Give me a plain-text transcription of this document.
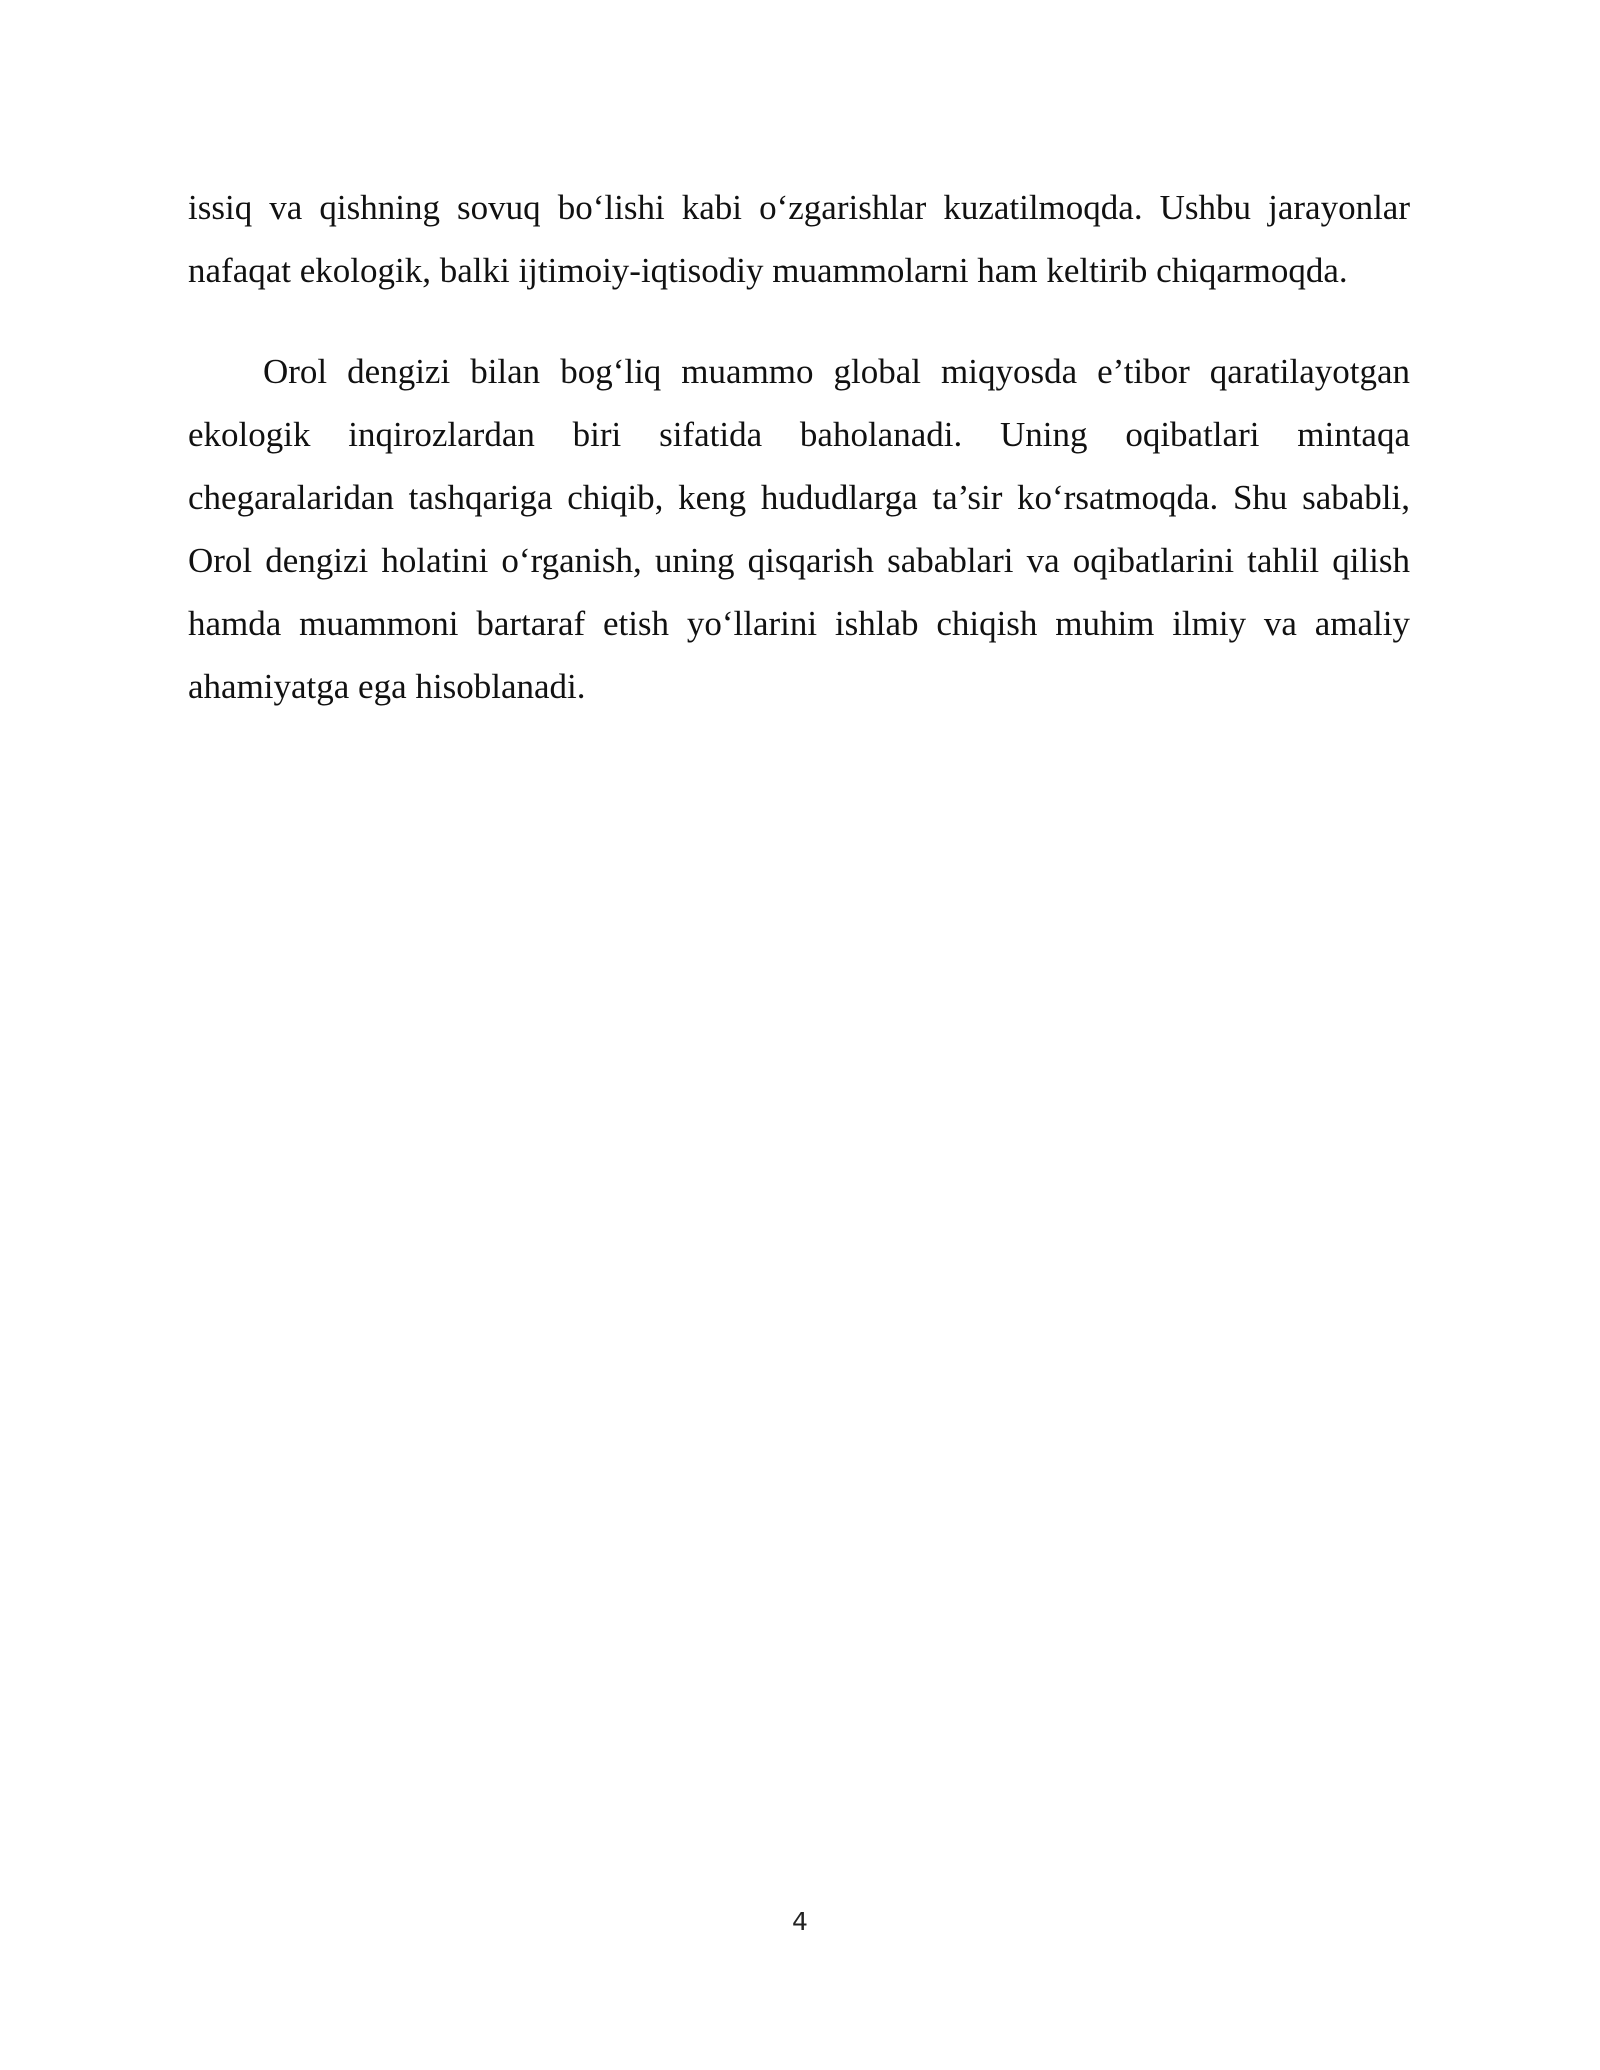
issiq va qishning sovuq bo‘lishi kabi o‘zgarishlar kuzatilmoqda. Ushbu jarayonlar nafaqat ekologik, balki ijtimoiy-iqtisodiy muammolarni ham keltirib chiqarmoqda.

Orol dengizi bilan bog‘liq muammo global miqyosda e’tibor qaratilayotgan ekologik inqirozlardan biri sifatida baholanadi. Uning oqibatlari mintaqa chegaralaridan tashqariga chiqib, keng hududlarga ta’sir ko‘rsatmoqda. Shu sababli, Orol dengizi holatini o‘rganish, uning qisqarish sabablari va oqibatlarini tahlil qilish hamda muammoni bartaraf etish yo‘llarini ishlab chiqish muhim ilmiy va amaliy ahamiyatga ega hisoblanadi.

4
